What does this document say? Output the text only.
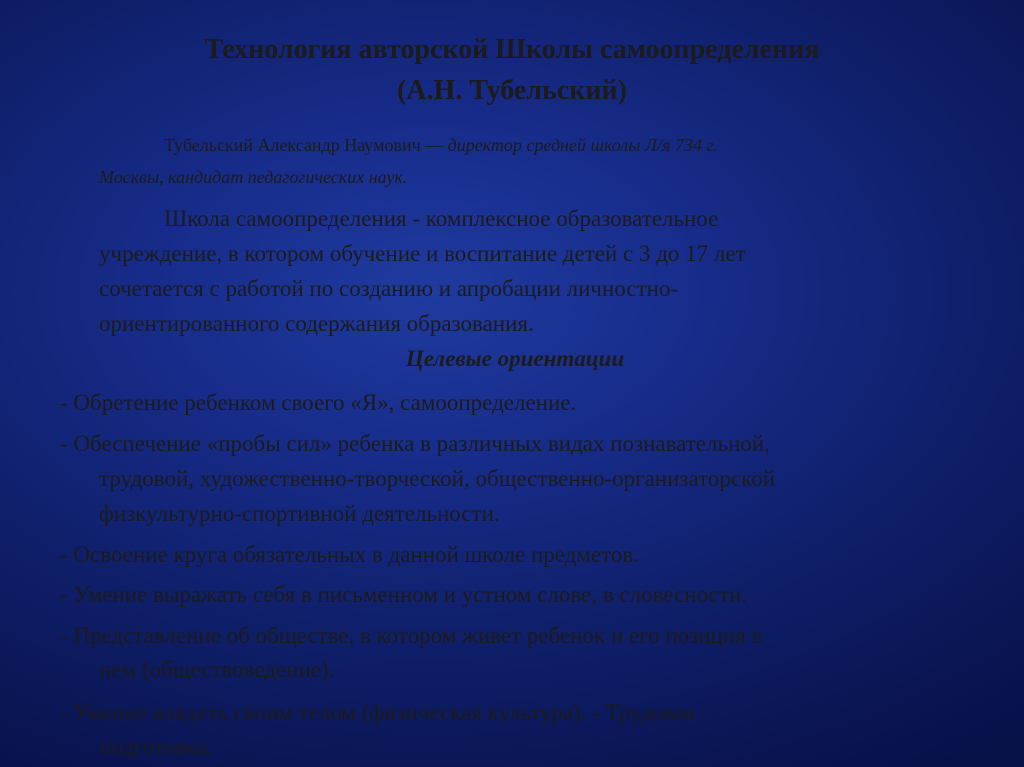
Технология авторской Школы самоопределения
(А.Н. Тубельский)
Тубельский Александр Наумович — директор средней школы Л/я 734 г.
Москвы, кандидат педагогических наук.
Школа самоопределения - комплексное образовательное
учреждение, в котором обучение и воспитание детей с 3 до 17 лет
сочетается с работой по созданию и апробации личностно-
ориентированного содержания образования.
Целевые ориентации
- Обретение ребенком своего «Я», самоопределение.
- Обеспечение «пробы сил» ребенка в различных видах познавательной,
трудовой, художественно-творческой, общественно-организаторской
физкультурно-спортивной деятельности.
- Освоение круга обязательных в данной школе предметов.
- Умение выражать себя в письменном и устном слове, в словесности.
- Представление об обществе, в котором живет ребенок и его позиция в
нем (обществоведение).
- Умение владеть своим телом (физическая культура). - Трудовая
подготовка.
